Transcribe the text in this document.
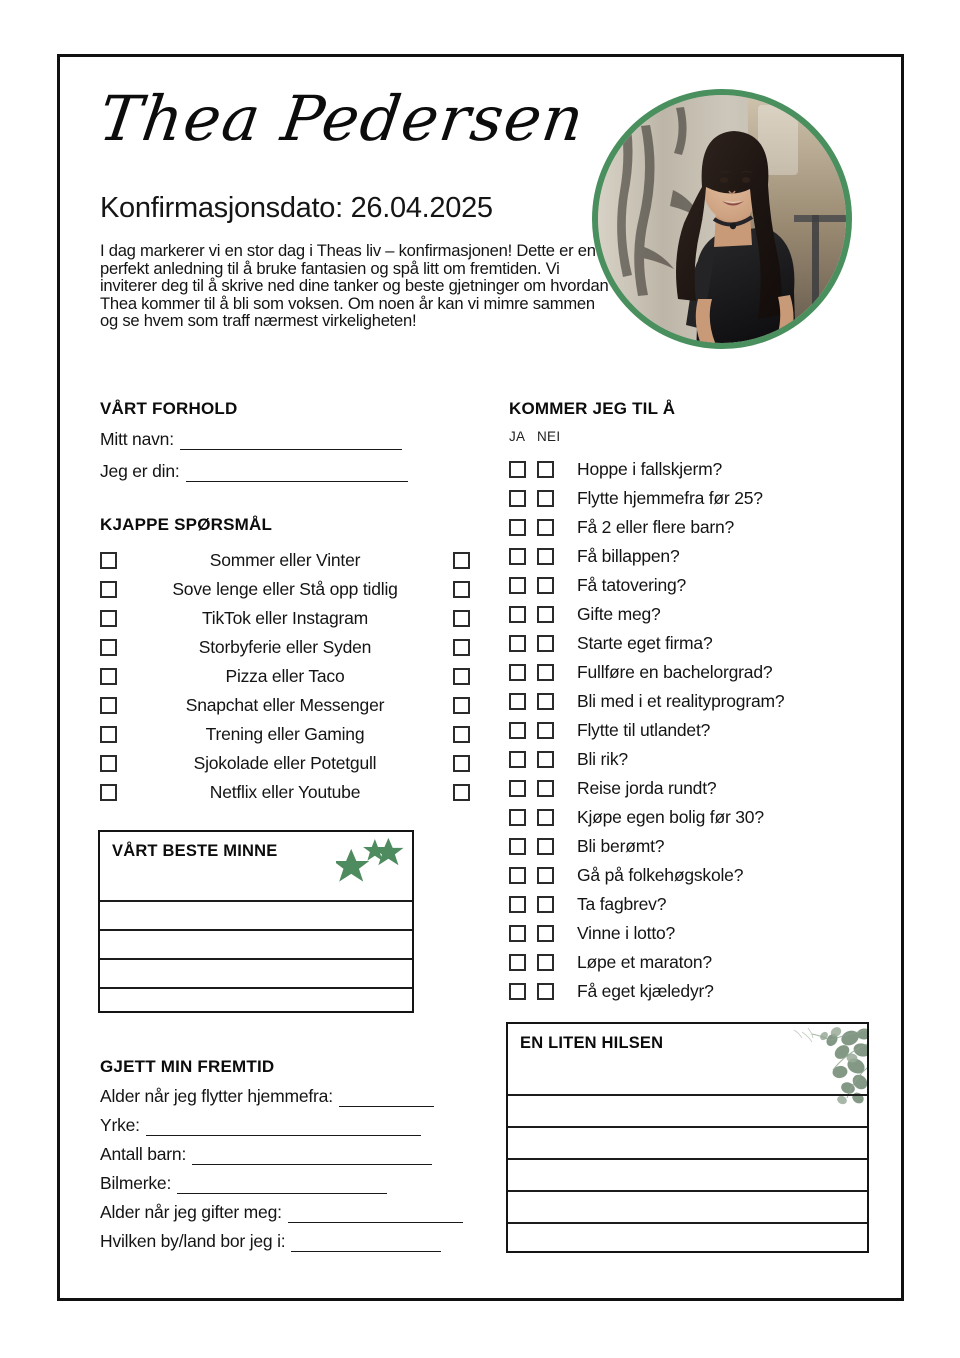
Thea Pedersen
Konfirmasjonsdato: 26.04.2025
I dag markerer vi en stor dag i Theas liv – konfirmasjonen! Dette er en perfekt anledning til å bruke fantasien og spå litt om fremtiden. Vi inviterer deg til å skrive ned dine tanker og beste gjetninger om hvordan Thea kommer til å bli som voksen. Om noen år kan vi mimre sammen og se hvem som traff nærmest virkeligheten!
VÅRT FORHOLD
Mitt navn:
Jeg er din:
KJAPPE SPØRSMÅL
Sommer eller Vinter
Sove lenge eller Stå opp tidlig
TikTok eller Instagram
Storbyferie eller Syden
Pizza eller Taco
Snapchat eller Messenger
Trening eller Gaming
Sjokolade eller Potetgull
Netflix eller Youtube
VÅRT BESTE MINNE
GJETT MIN FREMTID
Alder når jeg flytter hjemmefra:
Yrke:
Antall barn:
Bilmerke:
Alder når jeg gifter meg:
Hvilken by/land bor jeg i:
KOMMER JEG TIL Å
JA NEI
Hoppe i fallskjerm?
Flytte hjemmefra før 25?
Få 2 eller flere barn?
Få billappen?
Få tatovering?
Gifte meg?
Starte eget firma?
Fullføre en bachelorgrad?
Bli med i et realityprogram?
Flytte til utlandet?
Bli rik?
Reise jorda rundt?
Kjøpe egen bolig før 30?
Bli berømt?
Gå på folkehøgskole?
Ta fagbrev?
Vinne i lotto?
Løpe et maraton?
Få eget kjæledyr?
EN LITEN HILSEN
